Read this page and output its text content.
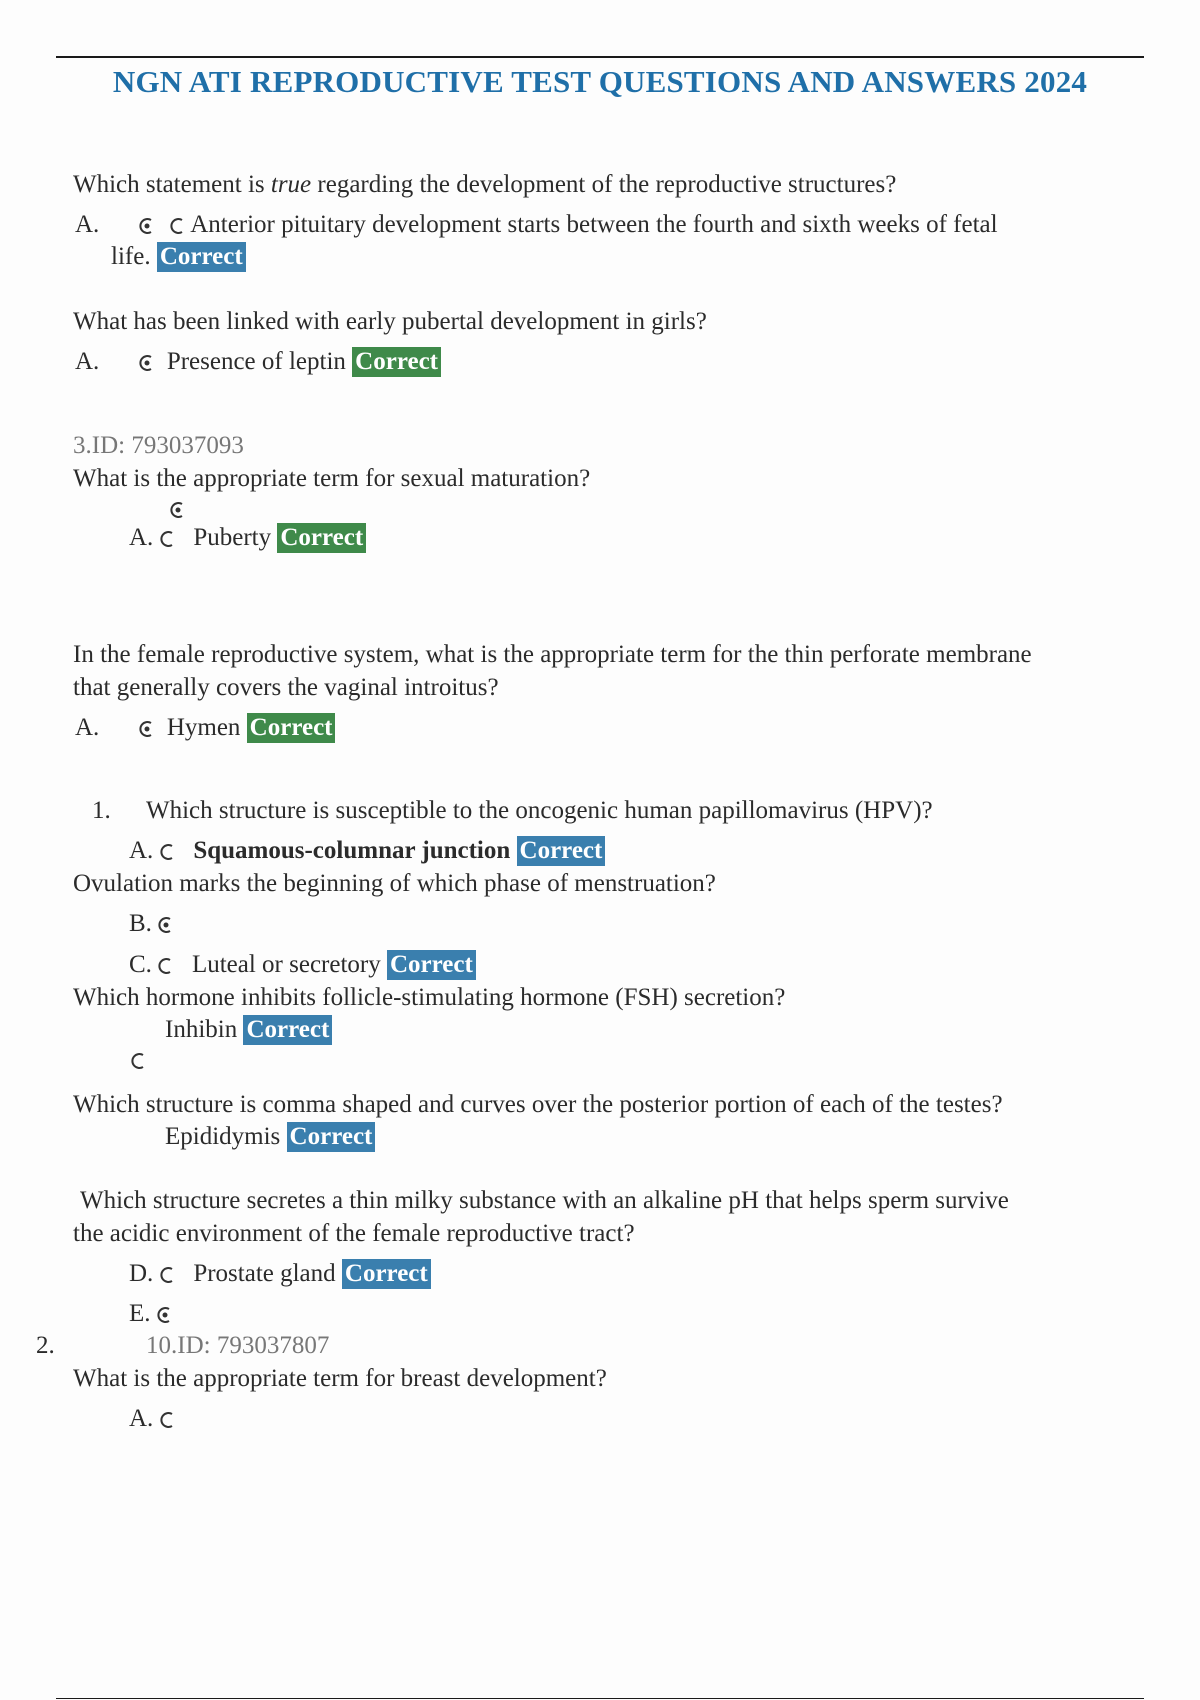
NGN ATI REPRODUCTIVE TEST QUESTIONS AND ANSWERS 2024
Which statement is true regarding the development of the reproductive structures?
A.	Anterior pituitary development starts between the fourth and sixth weeks of fetal
life. Correct
What has been linked with early pubertal development in girls?
A.	Presence of leptin Correct
3.ID: 793037093
What is the appropriate term for sexual maturation?
A. Puberty Correct
In the female reproductive system, what is the appropriate term for the thin perforate membrane
that generally covers the vaginal introitus?
A.	Hymen Correct
1. Which structure is susceptible to the oncogenic human papillomavirus (HPV)?
A. Squamous-columnar junction Correct
Ovulation marks the beginning of which phase of menstruation?
B.
C. Luteal or secretory Correct
Which hormone inhibits follicle-stimulating hormone (FSH) secretion?
Inhibin Correct
Which structure is comma shaped and curves over the posterior portion of each of the testes?
Epididymis Correct
Which structure secretes a thin milky substance with an alkaline pH that helps sperm survive
the acidic environment of the female reproductive tract?
D. Prostate gland Correct
E.
2.	10.ID: 793037807
What is the appropriate term for breast development?
A.
